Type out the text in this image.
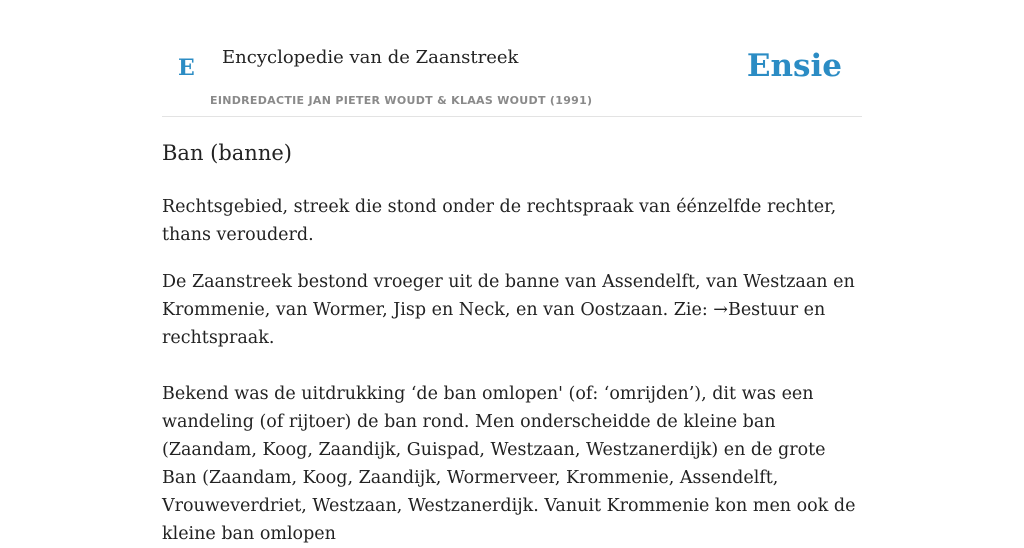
E Encyclopedie van de Zaanstreek
EINDREDACTIE JAN PIETER WOUDT & KLAAS WOUDT (1991)
Ensie
Ban (banne)

Rechtsgebied, streek die stond onder de rechtspraak van éénzelfde rechter, thans verouderd.

De Zaanstreek bestond vroeger uit de banne van Assendelft, van Westzaan en Krommenie, van Wormer, Jisp en Neck, en van Oostzaan. Zie: →Bestuur en rechtspraak.

Bekend was de uitdrukking ‘de ban omlopen' (of: ‘omrijden’), dit was een wandeling (of rijtoer) de ban rond. Men onderscheidde de kleine ban (Zaandam, Koog, Zaandijk, Guispad, Westzaan, Westzanerdijk) en de grote Ban (Zaandam, Koog, Zaandijk, Wormerveer, Krommenie, Assendelft, Vrouweverdriet, Westzaan, Westzanerdijk. Vanuit Krommenie kon men ook de kleine ban omlopen
